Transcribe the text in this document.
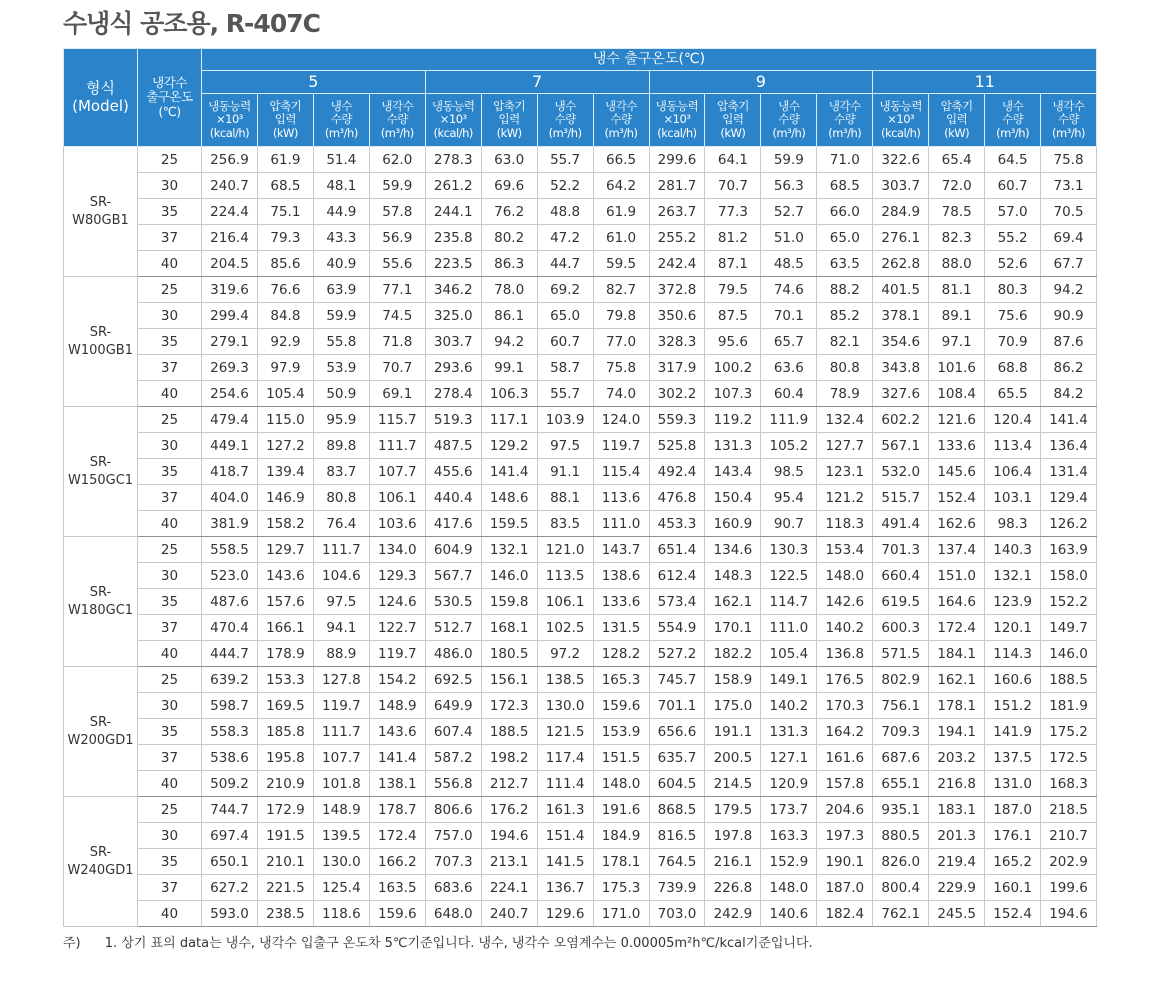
수냉식 공조용, R-407C
형식
(Model)	냉각수
출구온도
(℃)	냉수 출구온도(℃)															
		5				7				9				11			

		냉동능력
×10³
(kcal/h)	압축기
입력
(kW)	냉수
수량
(m³/h)	냉각수
수량
(m³/h)	냉동능력
×10³
(kcal/h)	압축기
입력
(kW)	냉수
수량
(m³/h)	냉각수
수량
(m³/h)	냉동능력
×10³
(kcal/h)	압축기
입력
(kW)	냉수
수량
(m³/h)	냉각수
수량
(m³/h)	냉동능력
×10³
(kcal/h)	압축기
입력
(kW)	냉수
수량
(m³/h)	냉각수
수량
(m³/h)

SR-
W80GB1	25	256.9	61.9	51.4	62.0	278.3	63.0	55.7	66.5	299.6	64.1	59.9	71.0	322.6	65.4	64.5	75.8
	30	240.7	68.5	48.1	59.9	261.2	69.6	52.2	64.2	281.7	70.7	56.3	68.5	303.7	72.0	60.7	73.1
	35	224.4	75.1	44.9	57.8	244.1	76.2	48.8	61.9	263.7	77.3	52.7	66.0	284.9	78.5	57.0	70.5
	37	216.4	79.3	43.3	56.9	235.8	80.2	47.2	61.0	255.2	81.2	51.0	65.0	276.1	82.3	55.2	69.4
	40	204.5	85.6	40.9	55.6	223.5	86.3	44.7	59.5	242.4	87.1	48.5	63.5	262.8	88.0	52.6	67.7

SR-
W100GB1	25	319.6	76.6	63.9	77.1	346.2	78.0	69.2	82.7	372.8	79.5	74.6	88.2	401.5	81.1	80.3	94.2
	30	299.4	84.8	59.9	74.5	325.0	86.1	65.0	79.8	350.6	87.5	70.1	85.2	378.1	89.1	75.6	90.9
	35	279.1	92.9	55.8	71.8	303.7	94.2	60.7	77.0	328.3	95.6	65.7	82.1	354.6	97.1	70.9	87.6
	37	269.3	97.9	53.9	70.7	293.6	99.1	58.7	75.8	317.9	100.2	63.6	80.8	343.8	101.6	68.8	86.2
	40	254.6	105.4	50.9	69.1	278.4	106.3	55.7	74.0	302.2	107.3	60.4	78.9	327.6	108.4	65.5	84.2

SR-
W150GC1	25	479.4	115.0	95.9	115.7	519.3	117.1	103.9	124.0	559.3	119.2	111.9	132.4	602.2	121.6	120.4	141.4
	30	449.1	127.2	89.8	111.7	487.5	129.2	97.5	119.7	525.8	131.3	105.2	127.7	567.1	133.6	113.4	136.4
	35	418.7	139.4	83.7	107.7	455.6	141.4	91.1	115.4	492.4	143.4	98.5	123.1	532.0	145.6	106.4	131.4
	37	404.0	146.9	80.8	106.1	440.4	148.6	88.1	113.6	476.8	150.4	95.4	121.2	515.7	152.4	103.1	129.4
	40	381.9	158.2	76.4	103.6	417.6	159.5	83.5	111.0	453.3	160.9	90.7	118.3	491.4	162.6	98.3	126.2

SR-
W180GC1	25	558.5	129.7	111.7	134.0	604.9	132.1	121.0	143.7	651.4	134.6	130.3	153.4	701.3	137.4	140.3	163.9
	30	523.0	143.6	104.6	129.3	567.7	146.0	113.5	138.6	612.4	148.3	122.5	148.0	660.4	151.0	132.1	158.0
	35	487.6	157.6	97.5	124.6	530.5	159.8	106.1	133.6	573.4	162.1	114.7	142.6	619.5	164.6	123.9	152.2
	37	470.4	166.1	94.1	122.7	512.7	168.1	102.5	131.5	554.9	170.1	111.0	140.2	600.3	172.4	120.1	149.7
	40	444.7	178.9	88.9	119.7	486.0	180.5	97.2	128.2	527.2	182.2	105.4	136.8	571.5	184.1	114.3	146.0

SR-
W200GD1	25	639.2	153.3	127.8	154.2	692.5	156.1	138.5	165.3	745.7	158.9	149.1	176.5	802.9	162.1	160.6	188.5
	30	598.7	169.5	119.7	148.9	649.9	172.3	130.0	159.6	701.1	175.0	140.2	170.3	756.1	178.1	151.2	181.9
	35	558.3	185.8	111.7	143.6	607.4	188.5	121.5	153.9	656.6	191.1	131.3	164.2	709.3	194.1	141.9	175.2
	37	538.6	195.8	107.7	141.4	587.2	198.2	117.4	151.5	635.7	200.5	127.1	161.6	687.6	203.2	137.5	172.5
	40	509.2	210.9	101.8	138.1	556.8	212.7	111.4	148.0	604.5	214.5	120.9	157.8	655.1	216.8	131.0	168.3

SR-
W240GD1	25	744.7	172.9	148.9	178.7	806.6	176.2	161.3	191.6	868.5	179.5	173.7	204.6	935.1	183.1	187.0	218.5
	30	697.4	191.5	139.5	172.4	757.0	194.6	151.4	184.9	816.5	197.8	163.3	197.3	880.5	201.3	176.1	210.7
	35	650.1	210.1	130.0	166.2	707.3	213.1	141.5	178.1	764.5	216.1	152.9	190.1	826.0	219.4	165.2	202.9
	37	627.2	221.5	125.4	163.5	683.6	224.1	136.7	175.3	739.9	226.8	148.0	187.0	800.4	229.9	160.1	199.6
	40	593.0	238.5	118.6	159.6	648.0	240.7	129.6	171.0	703.0	242.9	140.6	182.4	762.1	245.5	152.4	194.6
주) 1. 상기 표의 data는 냉수, 냉각수 입출구 온도차 5℃기준입니다. 냉수, 냉각수 오염계수는 0.00005m²h℃/kcal기준입니다.
